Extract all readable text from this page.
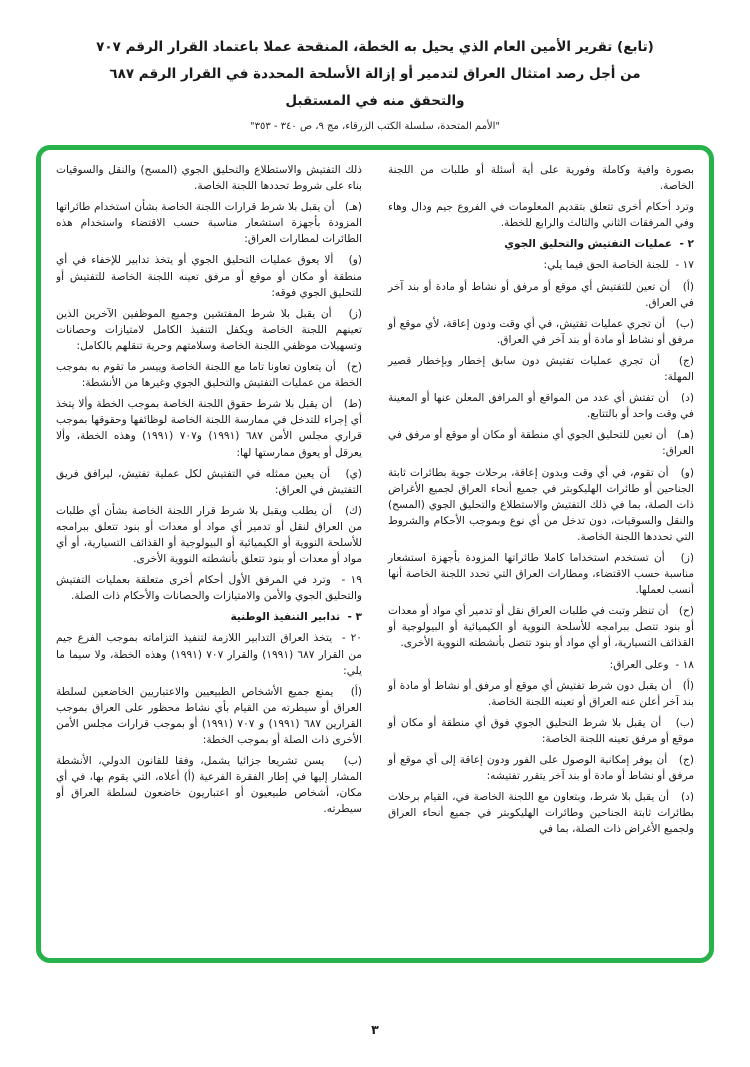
(تابع) تقرير الأمين العام الذي يحيل به الخطة، المنقحة عملا باعتماد القرار الرقم ٧٠٧
من أجل رصد امتثال العراق لتدمير أو إزالة الأسلحة المحددة في القرار الرقم ٦٨٧
والتحقق منه في المستقبل
"الأمم المتحدة، سلسلة الكتب الزرقاء، مج ٩، ص ٣٤٠ - ٣٥٣"

بصورة وافية وكاملة وفورية على أية أسئلة أو طلبات من اللجنة الخاصة.

وترد أحكام أخرى تتعلق بتقديم المعلومات في الفروع جيم ودال وهاء وفي المرفقات الثاني والثالث والرابع للخطة.

٢ -  عمليات التفتيش والتحليق الجوي

١٧ -  للجنة الخاصة الحق فيما يلي:

(أ)   أن تعين للتفتيش أي موقع أو مرفق أو نشاط أو مادة أو بند آخر في العراق.

(ب)   أن تجري عمليات تفتيش، في أي وقت ودون إعاقة، لأي موقع أو مرفق أو نشاط أو مادة أو بند آخر في العراق.

(ج)   أن تجري عمليات تفتيش دون سابق إخطار وبإخطار قصير المهلة:

(د)   أن تفتش أي عدد من المواقع أو المرافق المعلن عنها أو المعينة في وقت واحد أو بالتتابع.

(هـ)   أن تعين للتحليق الجوي أي منطقة أو مكان أو موقع أو مرفق في العراق:

(و)   أن تقوم، في أي وقت وبدون إعاقة، برحلات جوية بطائرات ثابتة الجناحين أو طائرات الهليكوبتر في جميع أنحاء العراق لجميع الأغراض ذات الصلة، بما في ذلك التفتيش والاستطلاع والتحليق الجوي (المسح) والنقل والسوقيات، دون تدخل من أي نوع وبموجب الأحكام والشروط التي تحددها اللجنة الخاصة.

(ز)   أن تستخدم استخداما كاملا طائراتها المزودة بأجهزة استشعار مناسبة حسب الاقتضاء، ومطارات العراق التي تحدد اللجنة الخاصة أنها أنسب لعملها.

(ح)   أن تنظر وتبت في طلبات العراق نقل أو تدمير أي مواد أو معدات أو بنود تتصل ببرامجه للأسلحة النووية أو الكيميائية أو البيولوجية أو القذائف التسيارية، أو أي مواد أو بنود تتصل بأنشطته النووية الأخرى.

١٨ -  وعلى العراق:

(أ)   أن يقبل دون شرط تفتيش أي موقع أو مرفق أو نشاط أو مادة أو بند آخر أعلن عنه العراق أو تعينه اللجنة الخاصة.

(ب)   أن يقبل بلا شرط التحليق الجوي فوق أي منطقة أو مكان أو موقع أو مرفق تعينه اللجنة الخاصة:

(ج)   أن يوفر إمكانية الوصول على الفور ودون إعاقة إلى أي موقع أو مرفق أو نشاط أو مادة أو بند آخر يتقرر تفتيشه:

(د)   أن يقبل بلا شرط، وبتعاون مع اللجنة الخاصة في، القيام برحلات بطائرات ثابتة الجناحين وطائرات الهليكوبتر في جميع أنحاء العراق ولجميع الأغراض ذات الصلة، بما في

ذلك التفتيش والاستطلاع والتحليق الجوي (المسح) والنقل والسوقيات بناء على شروط تحددها اللجنة الخاصة.

(هـ)   أن يقبل بلا شرط قرارات اللجنة الخاصة بشأن استخدام طائراتها المزودة بأجهزة استشعار مناسبة حسب الاقتضاء واستخدام هذه الطائرات لمطارات العراق:

(و)   ألا يعوق عمليات التحليق الجوي أو يتخذ تدابير للإخفاء في أي منطقة أو مكان أو موقع أو مرفق تعينه اللجنة الخاصة للتفتيش أو للتحليق الجوي فوقه:

(ز)   أن يقبل بلا شرط المفتشين وجميع الموظفين الآخرين الذين تعينهم اللجنة الخاصة ويكفل التنفيذ الكامل لامتيازات وحصانات وتسهيلات موظفي اللجنة الخاصة وسلامتهم وحرية تنقلهم بالكامل:

(ح)   أن يتعاون تعاونا تاما مع اللجنة الخاصة وييسر ما تقوم به بموجب الخطة من عمليات التفتيش والتحليق الجوي وغيرها من الأنشطة:

(ط)   أن يقبل بلا شرط حقوق اللجنة الخاصة بموجب الخطة وألا يتخذ أي إجراء للتدخل في ممارسة اللجنة الخاصة لوظائفها وحقوقها بموجب قراري مجلس الأمن ٦٨٧ (١٩٩١) و٧٠٧ (١٩٩١) وهذه الخطة، وألا يعرقل أو يعوق ممارستها لها:

(ي)   أن يعين ممثله في التفتيش لكل عملية تفتيش، ليرافق فريق التفتيش في العراق:

(ك)   أن يطلب ويقبل بلا شرط قرار اللجنة الخاصة بشأن أي طلبات من العراق لنقل أو تدمير أي مواد أو معدات أو بنود تتعلق ببرامجه للأسلحة النووية أو الكيميائية أو البيولوجية أو القذائف التسيارية، أو أي مواد أو معدات أو بنود تتعلق بأنشطته النووية الأخرى.

١٩ -  وترد في المرفق الأول أحكام أخرى متعلقة بعمليات التفتيش والتحليق الجوي والأمن والامتيازات والحصانات والأحكام ذات الصلة.

٣ -  تدابير التنفيذ الوطنية

٢٠ -  يتخذ العراق التدابير اللازمة لتنفيذ التزاماته بموجب الفرع جيم من القرار ٦٨٧ (١٩٩١) والقرار ٧٠٧ (١٩٩١) وهذه الخطة، ولا سيما ما يلي:

(أ)   يمنع جميع الأشخاص الطبيعيين والاعتباريين الخاضعين لسلطة العراق أو سيطرته من القيام بأي نشاط محظور على العراق بموجب القرارين ٦٨٧ (١٩٩١) و ٧٠٧ (١٩٩١) أو بموجب قرارات مجلس الأمن الأخرى ذات الصلة أو بموجب الخطة:

(ب)   يسن تشريعا جزائيا يشمل، وفقا للقانون الدولي، الأنشطة المشار إليها في إطار الفقرة الفرعية (أ) أعلاه، التي يقوم بها، في أي مكان، أشخاص طبيعيون أو اعتباريون خاضعون لسلطة العراق أو سيطرته.

٣
